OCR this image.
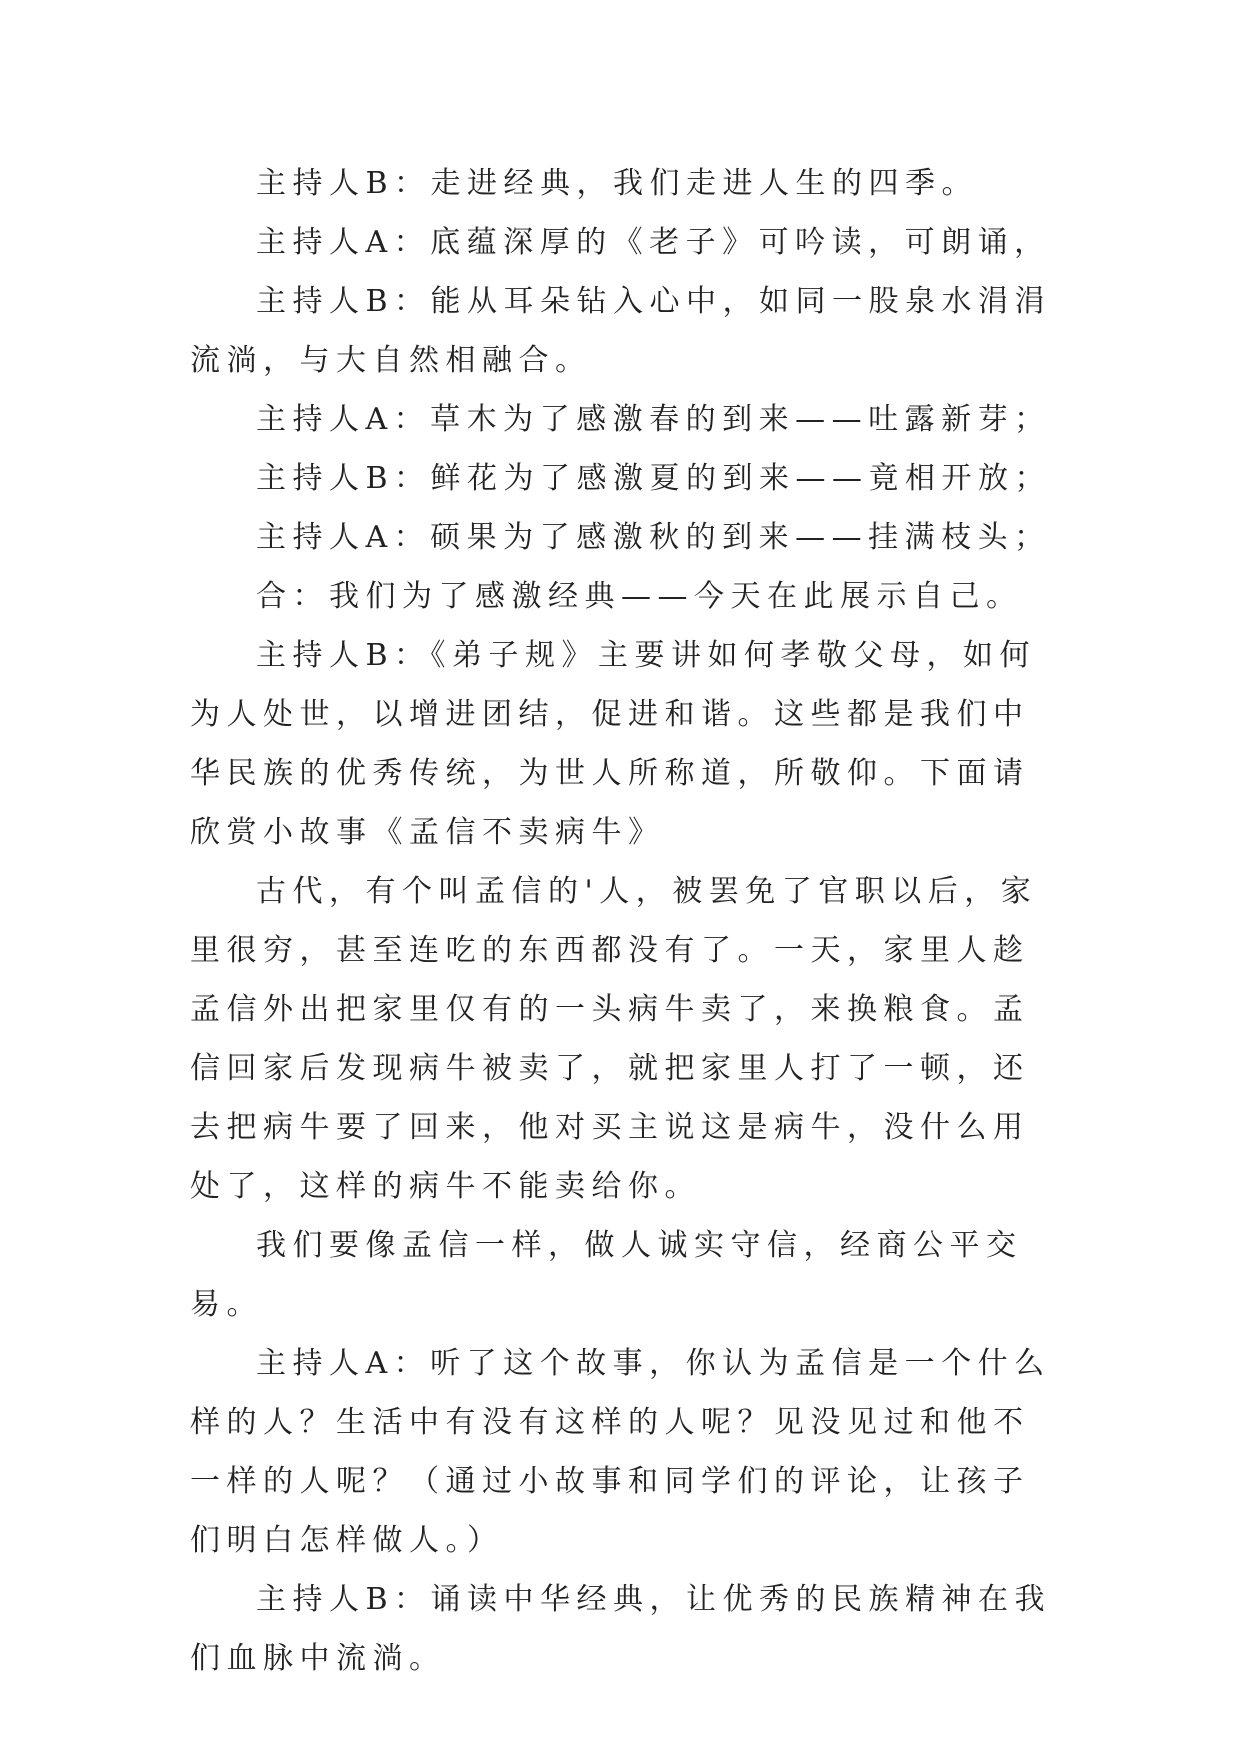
主持人B：走进经典，我们走进人生的四季。

主持人A：底蕴深厚的《老子》可吟读，可朗诵，

主持人B：能从耳朵钻入心中，如同一股泉水涓涓流淌，与大自然相融合。

主持人A：草木为了感激春的到来——吐露新芽；

主持人B：鲜花为了感激夏的到来——竟相开放；

主持人A：硕果为了感激秋的到来——挂满枝头；

合：我们为了感激经典——今天在此展示自己。

主持人B：《弟子规》主要讲如何孝敬父母，如何为人处世，以增进团结，促进和谐。这些都是我们中华民族的优秀传统，为世人所称道，所敬仰。下面请欣赏小故事《孟信不卖病牛》

古代，有个叫孟信的'人，被罢免了官职以后，家里很穷，甚至连吃的东西都没有了。一天，家里人趁孟信外出把家里仅有的一头病牛卖了，来换粮食。孟信回家后发现病牛被卖了，就把家里人打了一顿，还去把病牛要了回来，他对买主说这是病牛，没什么用处了，这样的病牛不能卖给你。

我们要像孟信一样，做人诚实守信，经商公平交易。

主持人A：听了这个故事，你认为孟信是一个什么样的人？生活中有没有这样的人呢？见没见过和他不一样的人呢？（通过小故事和同学们的评论，让孩子们明白怎样做人。）

主持人B：诵读中华经典，让优秀的民族精神在我们血脉中流淌。
